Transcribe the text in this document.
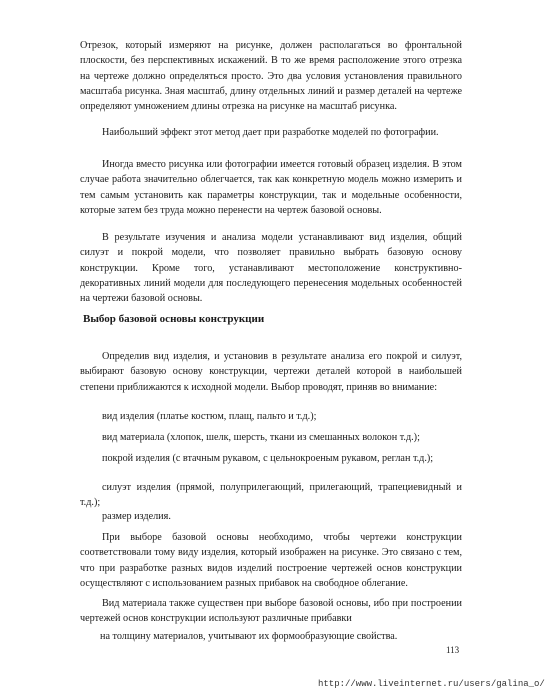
Отрезок, который измеряют на рисунке, должен располагаться во фронтальной плоскости, без перспективных искажений. В то же время расположение этого отрезка на чертеже должно определяться просто. Это два условия установления правильного масштаба рисунка. Зная масштаб, длину отдельных линий и размер деталей на чертеже определяют умножением длины отрезка на рисунке на масштаб рисунка.

Наибольший эффект этот метод дает при разработке моделей по фотографии.

Иногда вместо рисунка или фотографии имеется готовый образец изделия. В этом случае работа значительно облегчается, так как конкретную модель можно измерить и тем самым установить как параметры конструкции, так и модельные особенности, которые затем без труда можно перенести на чертеж базовой основы.

В результате изучения и анализа модели устанавливают вид изделия, общий силуэт и покрой модели, что позволяет правильно выбрать базовую основу конструкции. Кроме того, устанавливают местоположение конструктивно-декоративных линий модели для последующего перенесения модельных особенностей на чертежи базовой основы.

Выбор базовой основы конструкции

Определив вид изделия, и установив в результате анализа его покрой и силуэт, выбирают базовую основу конструкции, чертежи деталей которой в наибольшей степени приближаются к исходной модели. Выбор проводят, приняв во внимание:

вид изделия (платье костюм, плащ, пальто и т.д.);

вид материала (хлопок, шелк, шерсть, ткани из смешанных волокон т.д.);

покрой изделия (с втачным рукавом, с цельнокроеным рукавом, реглан т.д.);

силуэт изделия (прямой, полуприлегающий, прилегающий, трапециевидный и т.д.);

размер изделия.

При выборе базовой основы необходимо, чтобы чертежи конструкции соответствовали тому виду изделия, который изображен на рисунке. Это связано с тем, что при разработке разных видов изделий построение чертежей основ конструкции осуществляют с использованием разных прибавок на свободное облегание.

Вид материала также существен при выборе базовой основы, ибо при построении чертежей основ конструкции используют различные прибавки

на толщину материалов, учитывают их формообразующие свойства.

113
http://www.liveinternet.ru/users/galina_o/
